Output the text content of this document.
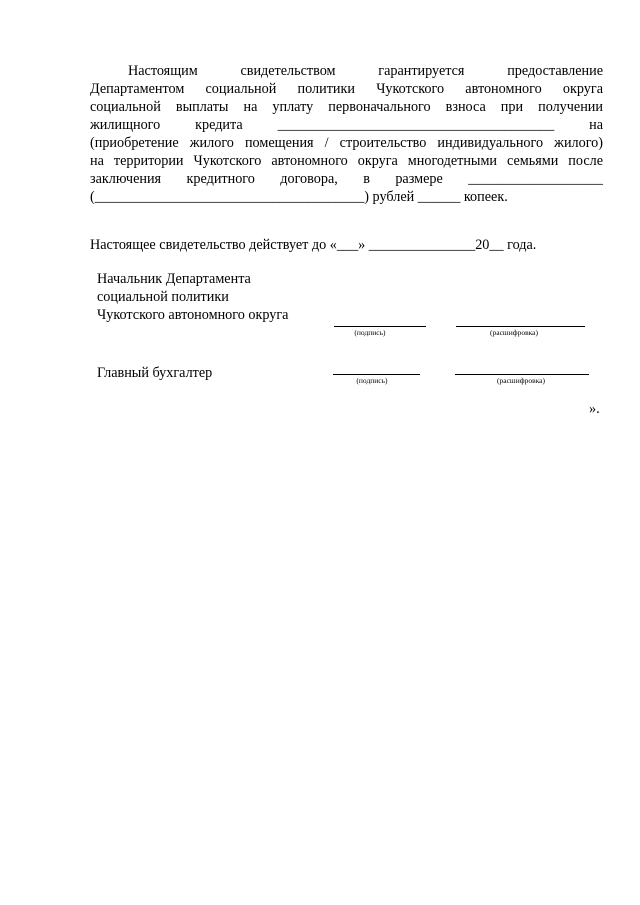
Настоящим свидетельством гарантируется предоставление
Департаментом социальной политики Чукотского автономного округа
социальной выплаты на уплату первоначального взноса при получении
жилищного кредита _______________________________________ на
(приобретение жилого помещения / строительство индивидуального жилого)
на территории Чукотского автономного округа многодетными семьями после
заключения кредитного договора, в размере ___________________
(______________________________________) рублей ______ копеек.
Настоящее свидетельство действует до «___» _______________20__ года.
Начальник Департамента
социальной политики
Чукотского автономного округа
(подпись)	(расшифровка)
Главный бухгалтер	(подпись)	(расшифровка)
».
